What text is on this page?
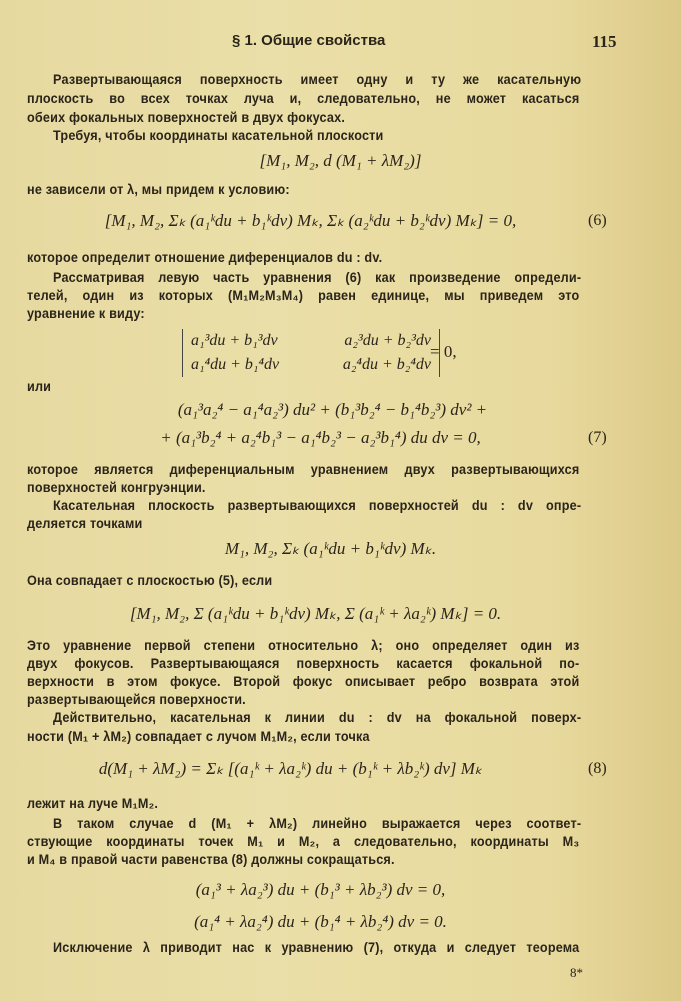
§ 1. Общие свойства	115
Развертывающаяся поверхность имеет одну и ту же касательную
плоскость во всех точках луча и, следовательно, не может касаться
обеих фокальных поверхностей в двух фокусах.
Требуя, чтобы координаты касательной плоскости
[M₁, M₂, d (M₁ + λM₂)]
не зависели от λ, мы придем к условию:
[M₁, M₂, Σₖ (a₁ᵏdu + b₁ᵏdv) Mₖ, Σₖ (a₂ᵏdu + b₂ᵏdv) Mₖ] = 0,	(6)
которое определит отношение диференциалов du : dv.
Рассматривая левую часть уравнения (6) как произведение определи-
телей, один из которых (M₁M₂M₃M₄) равен единице, мы приведем это
уравнение к виду:
a₁³du + b₁³dv	a₂³du + b₂³dv
a₁⁴du + b₁⁴dv	a₂⁴du + b₂⁴dv
= 0,
или
(a₁³a₂⁴ − a₁⁴a₂³) du² + (b₁³b₂⁴ − b₁⁴b₂³) dv² +
+ (a₁³b₂⁴ + a₂⁴b₁³ − a₁⁴b₂³ − a₂³b₁⁴) du dv = 0,	(7)
которое является диференциальным уравнением двух развертывающихся
поверхностей конгруэнции.
Касательная плоскость развертывающихся поверхностей du : dv опре-
деляется точками
M₁, M₂, Σₖ (a₁ᵏdu + b₁ᵏdv) Mₖ.
Она совпадает с плоскостью (5), если
[M₁, M₂, Σ (a₁ᵏdu + b₁ᵏdv) Mₖ, Σ (a₁ᵏ + λa₂ᵏ) Mₖ] = 0.
Это уравнение первой степени относительно λ; оно определяет один из
двух фокусов. Развертывающаяся поверхность касается фокальной по-
верхности в этом фокусе. Второй фокус описывает ребро возврата этой
развертывающейся поверхности.
Действительно, касательная к линии du : dv на фокальной поверх-
ности (M₁ + λM₂) совпадает с лучом M₁M₂, если точка
d(M₁ + λM₂) = Σₖ [(a₁ᵏ + λa₂ᵏ) du + (b₁ᵏ + λb₂ᵏ) dv] Mₖ	(8)
лежит на луче M₁M₂.
В таком случае d (M₁ + λM₂) линейно выражается через соответ-
ствующие координаты точек M₁ и M₂, а следовательно, координаты M₃
и M₄ в правой части равенства (8) должны сокращаться.
(a₁³ + λa₂³) du + (b₁³ + λb₂³) dv = 0,
(a₁⁴ + λa₂⁴) du + (b₁⁴ + λb₂⁴) dv = 0.
Исключение λ приводит нас к уравнению (7), откуда и следует теорема
8*
